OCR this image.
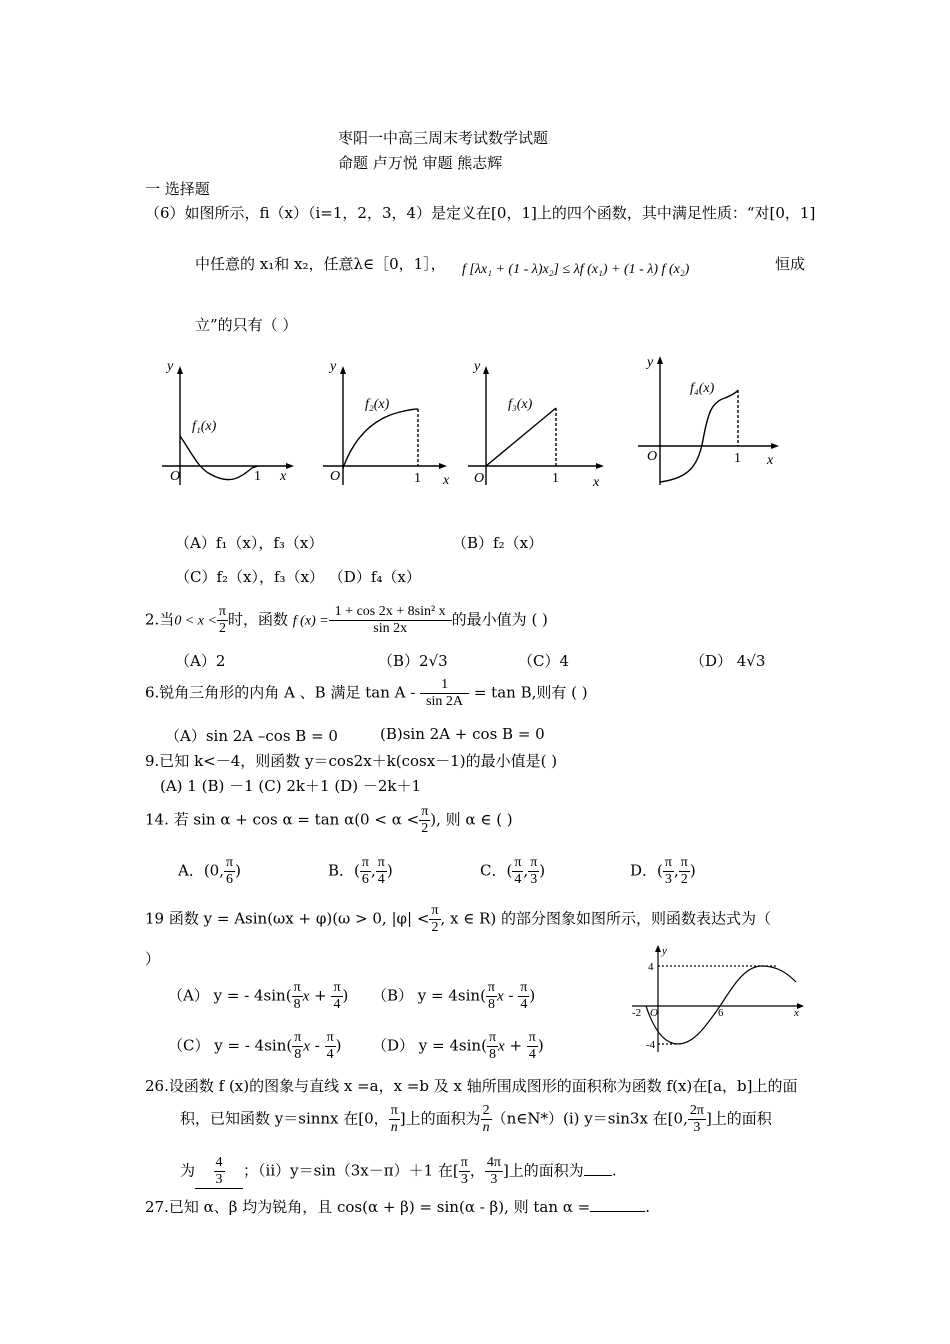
枣阳一中高三周末考试数学试题
命题 卢万悦 审题 熊志辉
一 选择题
（6）如图所示，fi（x）（i=1，2，3，4）是定义在[0，1]上的四个函数，其中满足性质：“对[0，1]
中任意的 x₁和 x₂，任意λ∈［0，1］， f [λx₁ + (1 - λ)x₂] ≤ λf (x₁) + (1 - λ) f (x₂)	恒成
立”的只有（ ）
y
O	1 x
f₁(x)
y
O	1 x
f₂(x)
y
O	1 x
f₃(x)
y
O	1 x
f₄(x)
（A）f₁（x），f₃（x）	（B）f₂（x）
（C）f₂（x），f₃（x） （D）f₄（x）
2.当$0 < x < \frac{\pi}{2}$ 时，函数 f $(x) = \frac{\text{1 + cos 2x + 8sin² x}}{\sin 2x}$ 的最小值为 ( )
（A）2	（B）2√3	（C）4	（D） 4√3
6.锐角三角形的内角 A 、B 满足 $\tan A - \frac{1}{\sin 2A} = \tan B$,则有 ( )
（A）sin 2A –cos B = 0	(B)sin 2A + cos B = 0
9.已知 k<－4，则函数 y＝cos2x＋k(cosx－1)的最小值是( )
(A) 1 (B) －1 (C) 2k＋1 (D) －2k＋1
14. 若 $\sin \alpha + \cos \alpha = \tan \alpha(0 < \alpha < \frac{\pi}{2}$ ), 则 α ∈ ( )
A．(0, $\frac{\pi}{6}$ )	B．( $\frac{\pi}{6}$ , $\frac{\pi}{4}$ )	C．( $\frac{\pi}{4}$ , $\frac{\pi}{3}$ )	D．( $\frac{\pi}{3}$ , $\frac{\pi}{2}$ )
19 函数 y = Asin(ωx + φ)(ω > 0, $|\varphi| < \frac{\pi}{2}$ , x ∈ R) 的部分图象如图所示，则函数表达式为（
）
（A） y = - $4\sin( \frac{\pi}{8}$ $x + \frac{\pi}{4}$ ) （B） $y = 4\sin( \frac{\pi}{8}$ x - $\frac{\pi}{4}$ )
（C） y = - $4\sin( \frac{\pi}{8}$ x - $\frac{\pi}{4}$ ) （D） $y = 4\sin( \frac{\pi}{8}$ $x + \frac{\pi}{4}$ )
y
4
-2 O	6
-4
x
26.设函数 f (x)的图象与直线 x =a，x =b 及 x 轴所围成图形的面积称为函数 f(x)在[a，b]上的面
积，已知函数 y＝sinnx 在[0， $\frac{\pi}{n}$ ]上的面积为 $\frac{2}{n}$ （n∈N*）(i) y＝sin3x 在[0, $\frac{2\pi}{3}$ ]上的面积
为 $\frac{4}{3}$ ；（ii）y＝sin（3x－π）＋1 在[ $\frac{\pi}{3}$ ， $\frac{4\pi}{3}$ ]上的面积为 .
27.已知 α、β 均为锐角，且 cos(α + β) = sin(α - β), 则 tan α =	.
